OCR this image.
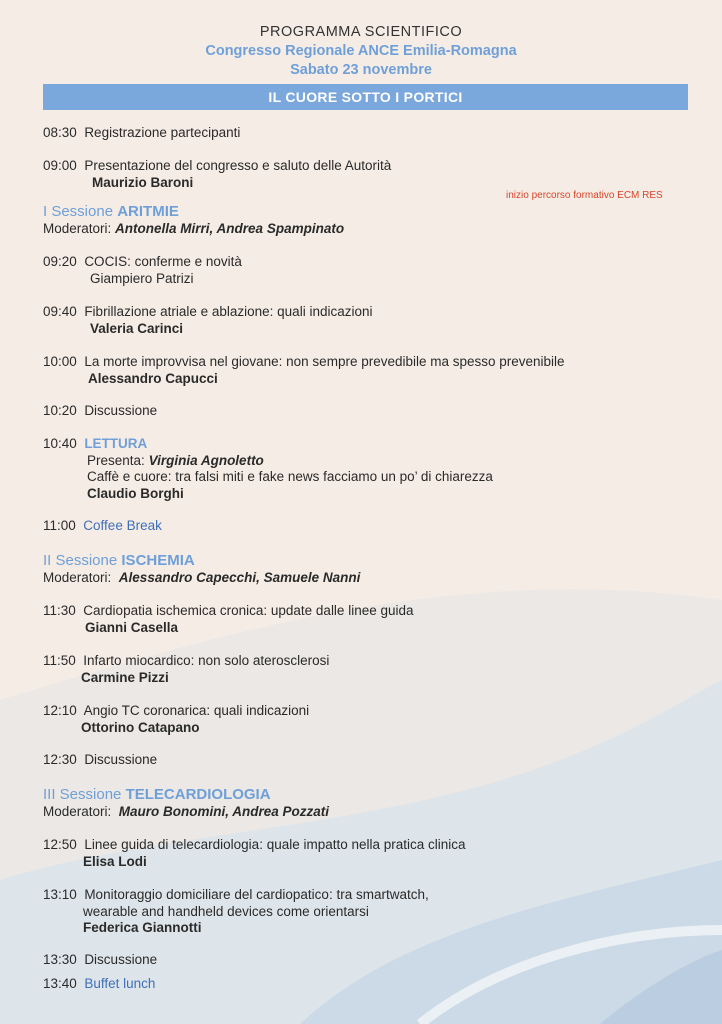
PROGRAMMA SCIENTIFICO
Congresso Regionale ANCE Emilia-Romagna
Sabato 23 novembre
IL CUORE SOTTO I PORTICI
08:30 Registrazione partecipanti
09:00 Presentazione del congresso e saluto delle Autorità
Maurizio Baroni
inizio percorso formativo ECM RES
I Sessione ARITMIE
Moderatori: Antonella Mirri, Andrea Spampinato
09:20 COCIS: conferme e novità
Giampiero Patrizi
09:40 Fibrillazione atriale e ablazione: quali indicazioni
Valeria Carinci
10:00 La morte improvvisa nel giovane: non sempre prevedibile ma spesso prevenibile
Alessandro Capucci
10:20 Discussione
10:40 LETTURA
Presenta: Virginia Agnoletto
Caffè e cuore: tra falsi miti e fake news facciamo un po’ di chiarezza
Claudio Borghi
11:00 Coffee Break
II Sessione ISCHEMIA
Moderatori: Alessandro Capecchi, Samuele Nanni
11:30 Cardiopatia ischemica cronica: update dalle linee guida
Gianni Casella
11:50 Infarto miocardico: non solo aterosclerosi
Carmine Pizzi
12:10 Angio TC coronarica: quali indicazioni
Ottorino Catapano
12:30 Discussione
III Sessione TELECARDIOLOGIA
Moderatori: Mauro Bonomini, Andrea Pozzati
12:50 Linee guida di telecardiologia: quale impatto nella pratica clinica
Elisa Lodi
13:10 Monitoraggio domiciliare del cardiopatico: tra smartwatch,
wearable and handheld devices come orientarsi
Federica Giannotti
13:30 Discussione
13:40 Buffet lunch
